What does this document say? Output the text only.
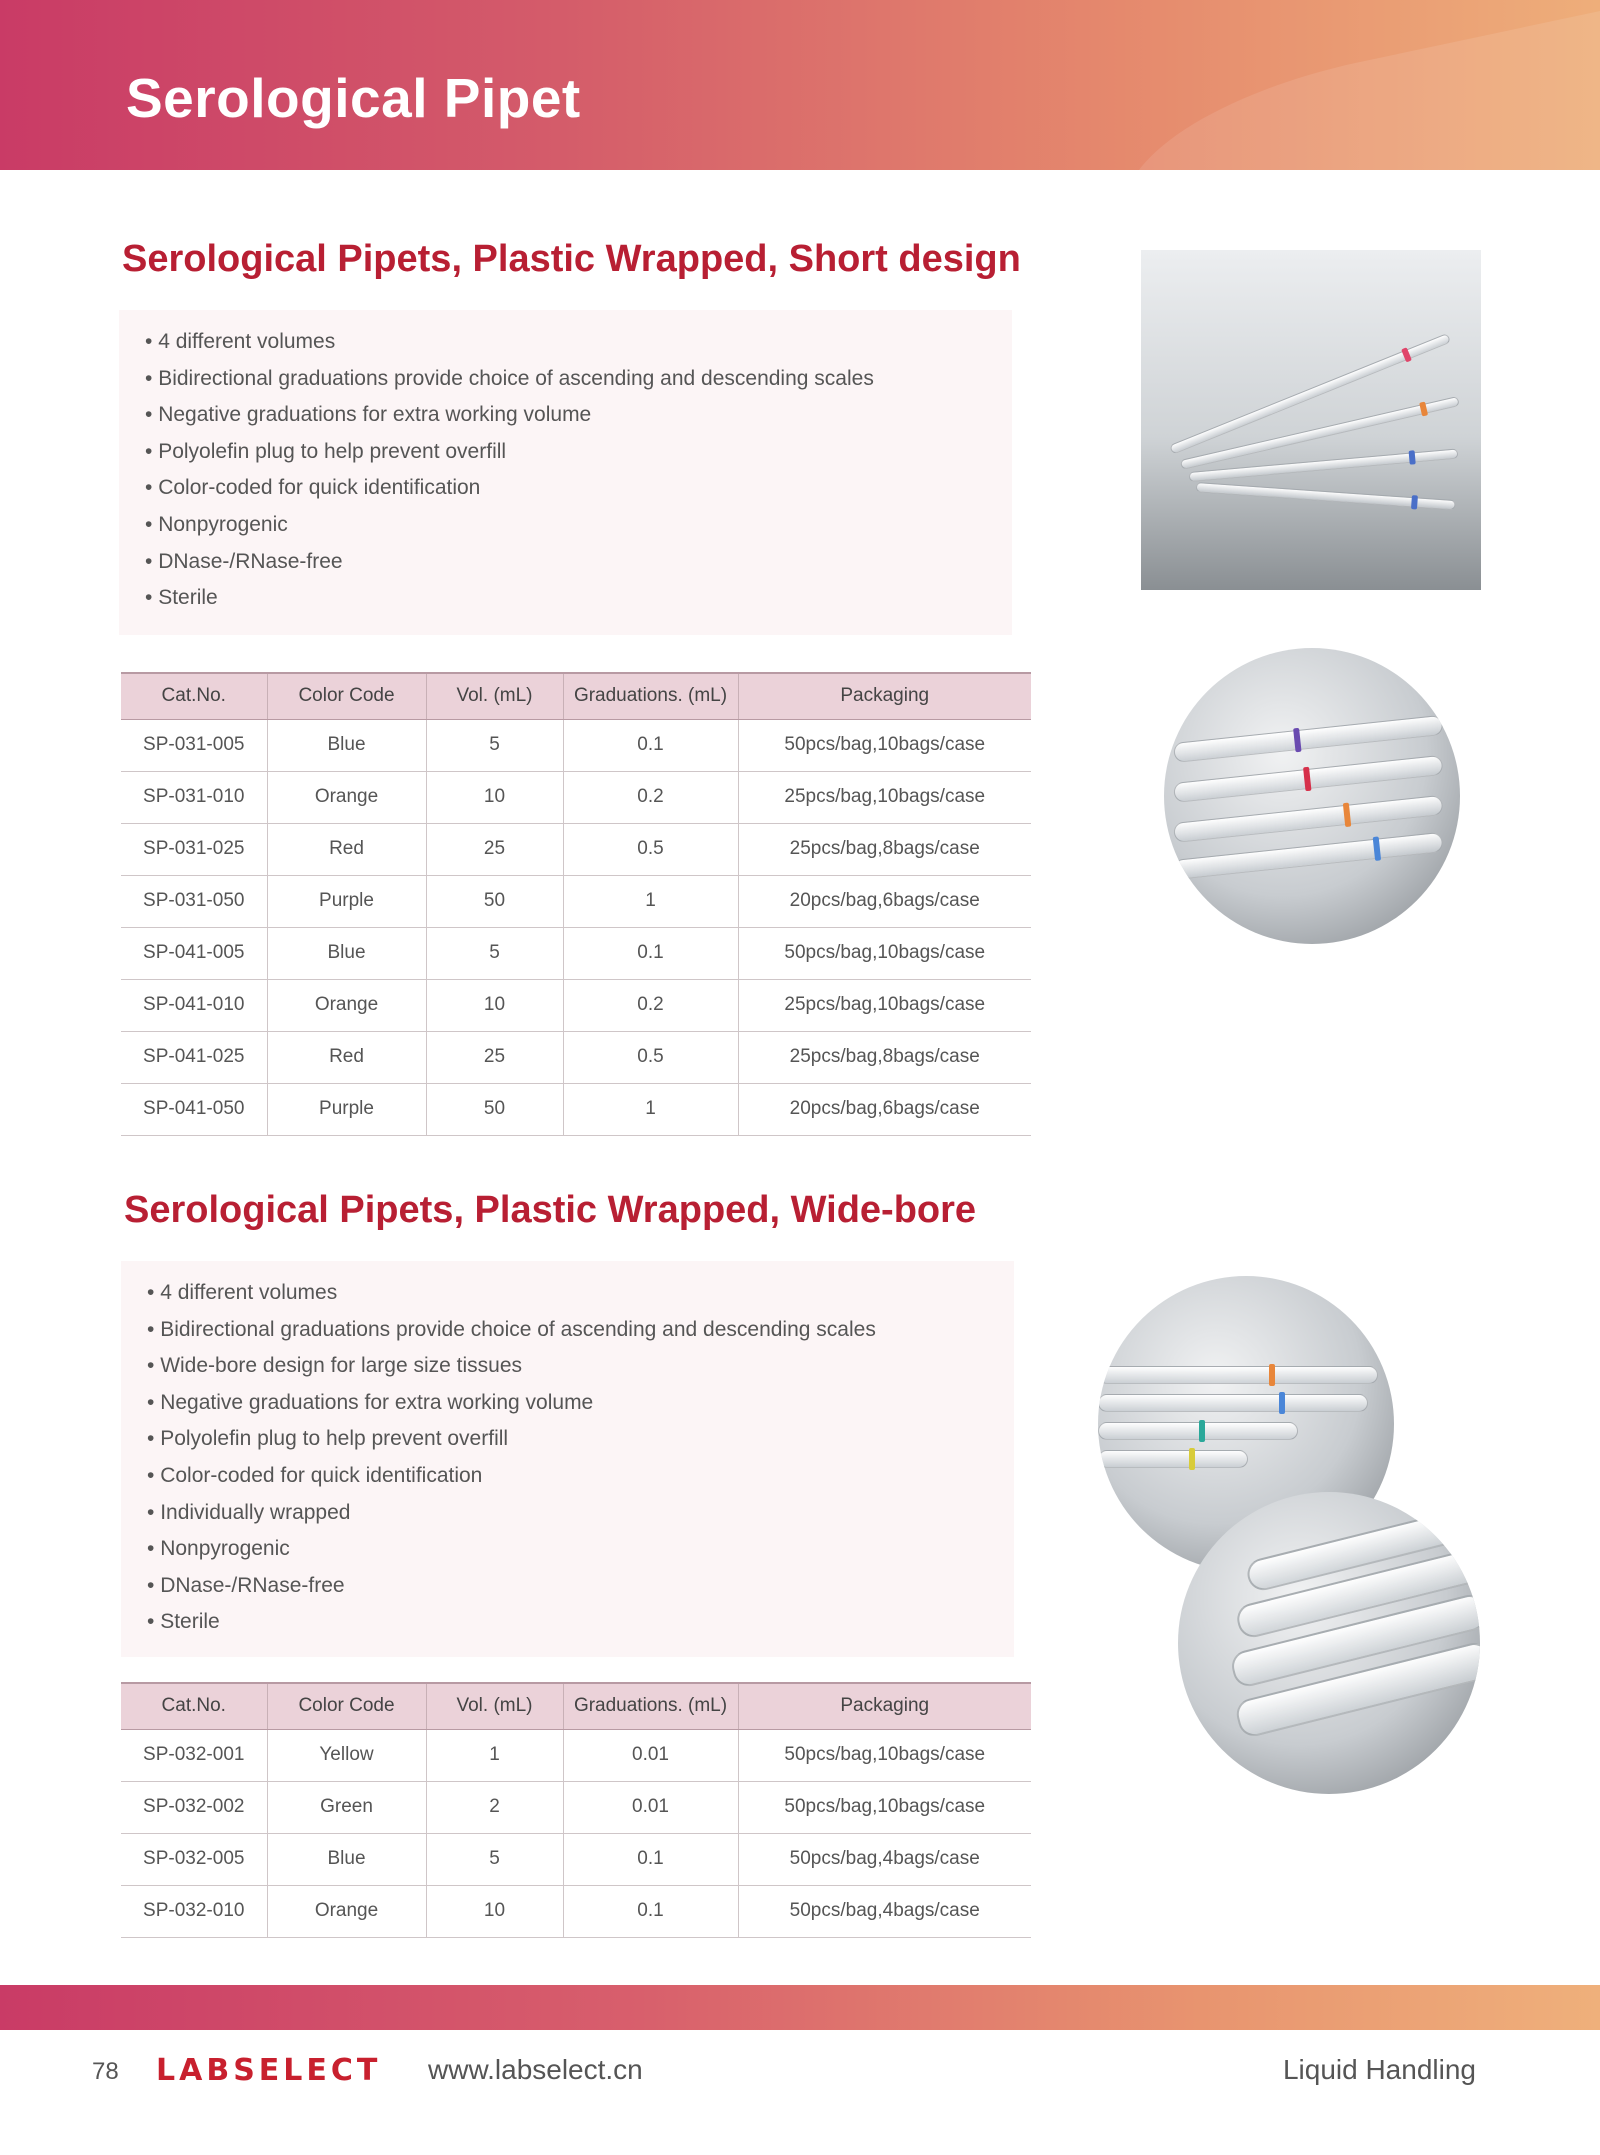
Serological Pipet
Serological Pipets, Plastic Wrapped, Short design
• 4 different volumes
• Bidirectional graduations provide choice of ascending and descending scales
• Negative graduations for extra working volume
• Polyolefin plug to help prevent overfill
• Color-coded for quick identification
• Nonpyrogenic
• DNase-/RNase-free
• Sterile
Cat.No.	Color Code	Vol. (mL)	Graduations. (mL)	Packaging
SP-031-005	Blue	5	0.1	50pcs/bag,10bags/case
SP-031-010	Orange	10	0.2	25pcs/bag,10bags/case
SP-031-025	Red	25	0.5	25pcs/bag,8bags/case
SP-031-050	Purple	50	1	20pcs/bag,6bags/case
SP-041-005	Blue	5	0.1	50pcs/bag,10bags/case
SP-041-010	Orange	10	0.2	25pcs/bag,10bags/case
SP-041-025	Red	25	0.5	25pcs/bag,8bags/case
SP-041-050	Purple	50	1	20pcs/bag,6bags/case
Serological Pipets, Plastic Wrapped, Wide-bore
• 4 different volumes
• Bidirectional graduations provide choice of ascending and descending scales
• Wide-bore design for large size tissues
• Negative graduations for extra working volume
• Polyolefin plug to help prevent overfill
• Color-coded for quick identification
• Individually wrapped
• Nonpyrogenic
• DNase-/RNase-free
• Sterile
Cat.No.	Color Code	Vol. (mL)	Graduations. (mL)	Packaging
SP-032-001	Yellow	1	0.01	50pcs/bag,10bags/case
SP-032-002	Green	2	0.01	50pcs/bag,10bags/case
SP-032-005	Blue	5	0.1	50pcs/bag,4bags/case
SP-032-010	Orange	10	0.1	50pcs/bag,4bags/case
78 LABSELECT www.labselect.cn	Liquid Handling
